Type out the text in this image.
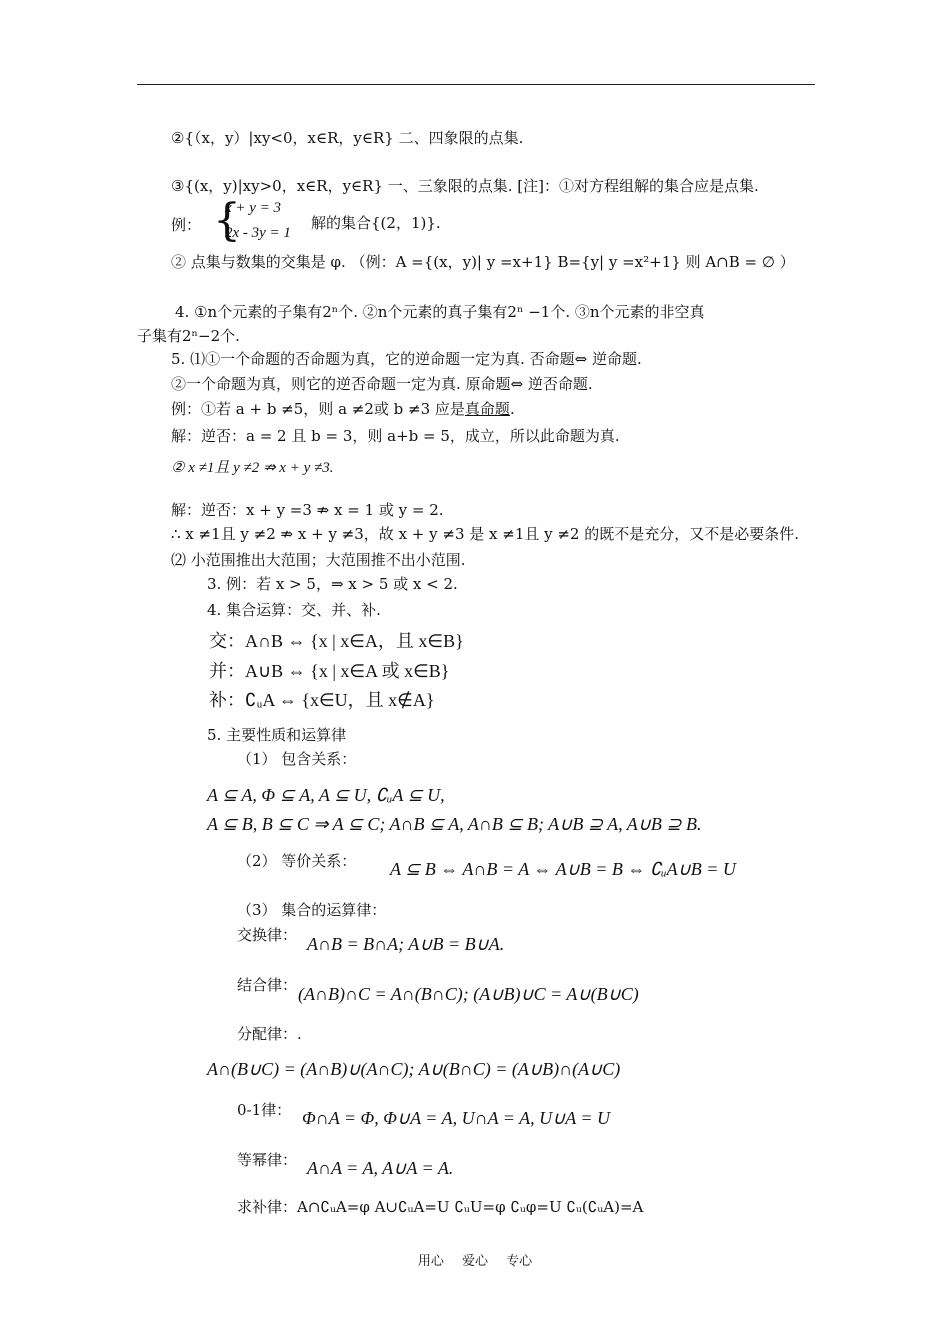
②{（x，y）|xy<0，x∈R，y∈R} 二、四象限的点集.
③{(x，y)|xy>0，x∈R，y∈R} 一、三象限的点集. [注]：①对方程组解的集合应是点集.
例： {
x + y = 3
2x - 3y = 1
解的集合{(2，1)}.
② 点集与数集的交集是 φ. （例：A ={(x，y)| y =x+1} B={y| y =x²+1} 则 A∩B = ∅ ）
4. ①n个元素的子集有2ⁿ个. ②n个元素的真子集有2ⁿ −1个. ③n个元素的非空真
子集有2ⁿ−2个.
5. ⑴①一个命题的否命题为真，它的逆命题一定为真. 否命题⇔ 逆命题.
②一个命题为真，则它的逆否命题一定为真. 原命题⇔ 逆否命题.
例：①若 a + b ≠5，则 a ≠2或 b ≠3 应是真命题.
解：逆否：a = 2 且 b = 3，则 a+b = 5，成立，所以此命题为真.
② x ≠1且 y ≠2 ⇏ x + y ≠3.
解：逆否：x + y =3 ⇏ x = 1 或 y = 2.
∴ x ≠1且 y ≠2 ⇏ x + y ≠3，故 x + y ≠3 是 x ≠1且 y ≠2 的既不是充分，又不是必要条件.
⑵ 小范围推出大范围；大范围推不出小范围.
3. 例：若 x > 5，⇒ x > 5 或 x < 2.
4. 集合运算：交、并、补.
交：A∩B ⇔ {x | x∈A，且 x∈B}
并：A∪B ⇔ {x | x∈A 或 x∈B}
补：∁ᵤA ⇔ {x∈U，且 x∉A}
5. 主要性质和运算律
（1） 包含关系：
A ⊆ A, Φ ⊆ A, A ⊆ U, ∁ᵤA ⊆ U,
A ⊆ B, B ⊆ C ⇒ A ⊆ C; A∩B ⊆ A, A∩B ⊆ B; A∪B ⊇ A, A∪B ⊇ B.
（2） 等价关系： A ⊆ B ⇔ A∩B = A ⇔ A∪B = B ⇔ ∁ᵤA∪B = U
（3） 集合的运算律：
交换律： A∩B = B∩A; A∪B = B∪A.
结合律： (A∩B)∩C = A∩(B∩C); (A∪B)∪C = A∪(B∪C)
分配律：.
A∩(B∪C) = (A∩B)∪(A∩C); A∪(B∩C) = (A∪B)∩(A∪C)
0-1律： Φ∩A = Φ, Φ∪A = A, U∩A = A, U∪A = U
等幂律： A∩A = A, A∪A = A.
求补律：A∩∁ᵤA=φ A∪∁ᵤA=U ∁ᵤU=φ ∁ᵤφ=U ∁ᵤ(∁ᵤA)=A
用心 爱心 专心
